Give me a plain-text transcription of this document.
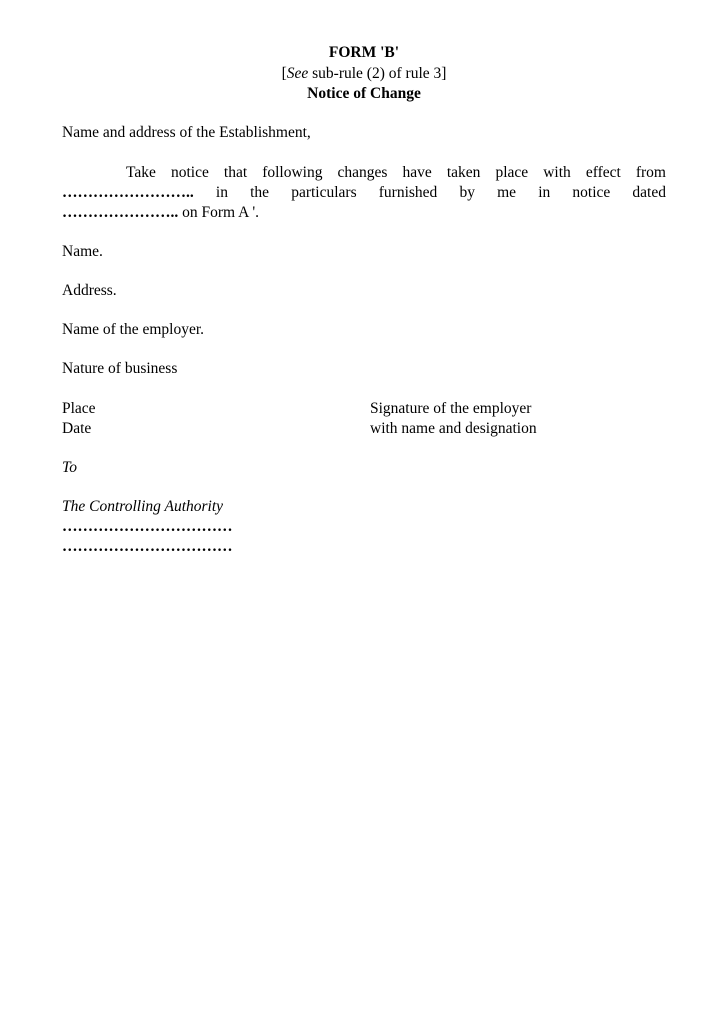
FORM 'B'
[See sub-rule (2) of rule 3]
Notice of Change
Name and address of the Establishment,
Take notice that following changes have taken place with effect from
…………………….. in the particulars furnished by me in notice dated
………………….. on Form A '.
Name.
Address.
Name of the employer.
Nature of business
Place
Date
Signature of the employer
with name and designation
To
The Controlling Authority
……………………………
……………………………
